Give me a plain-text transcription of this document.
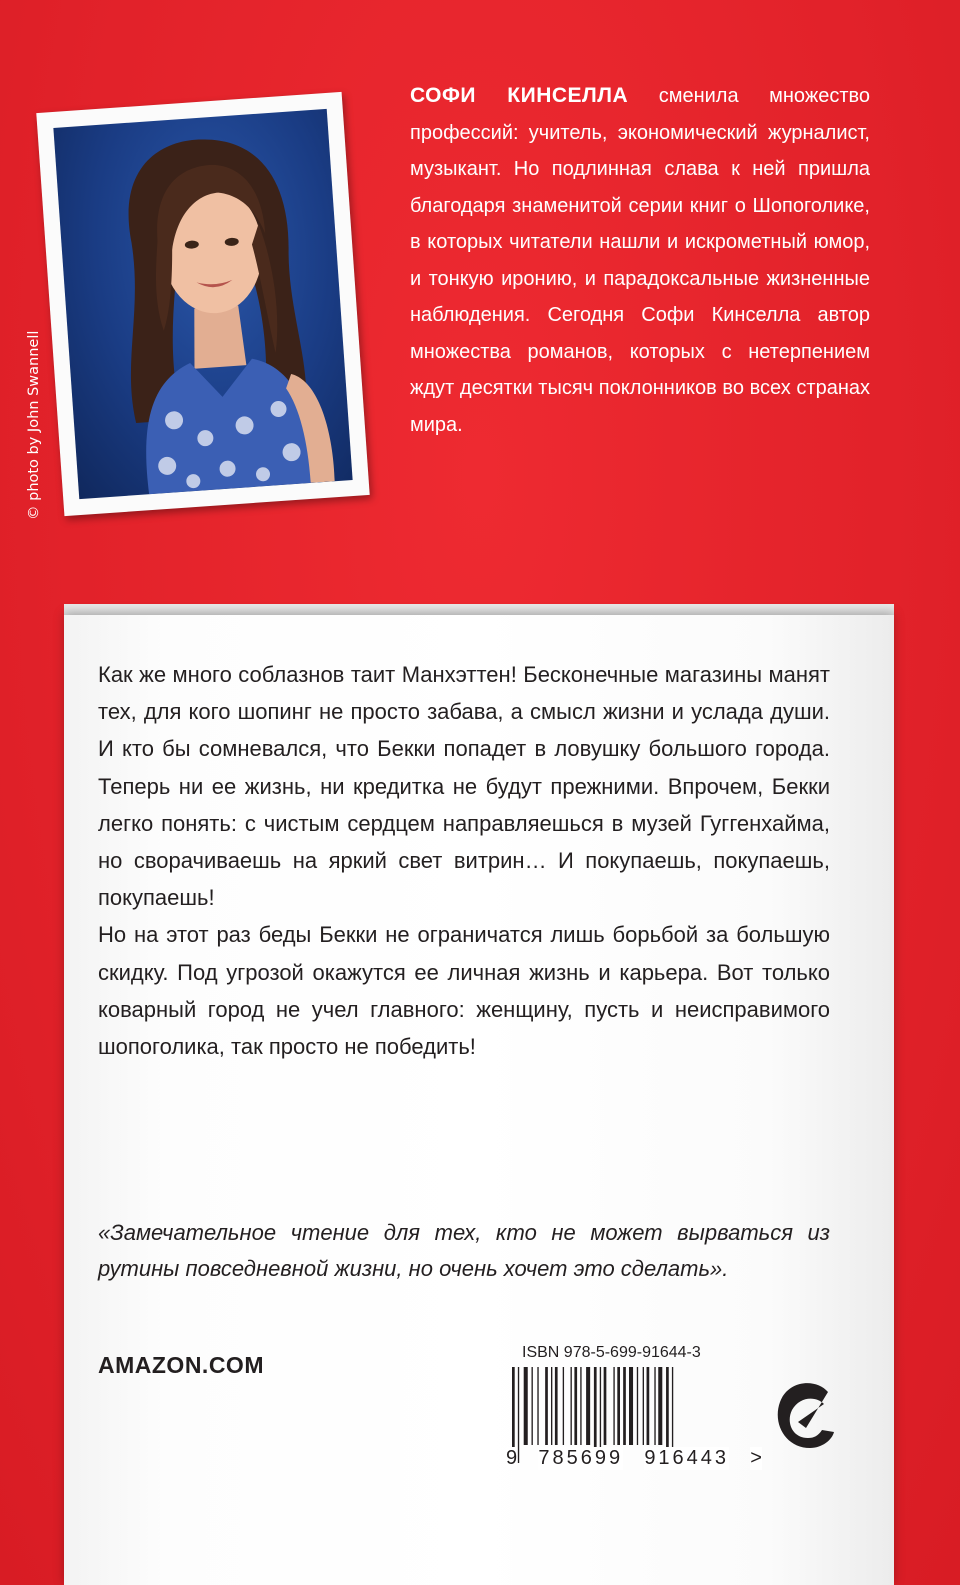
© photo by John Swannell
СОФИ КИНСЕЛЛА сменила множество профессий: учитель, экономический журналист, музыкант. Но подлинная слава к ней пришла благодаря знаменитой серии книг о Шопоголике, в которых читатели нашли и искрометный юмор, и тонкую иронию, и парадоксальные жизненные наблюдения. Сегодня Софи Кинселла автор множества романов, которых с нетерпением ждут десятки тысяч поклонников во всех странах мира.

Как же много соблазнов таит Манхэттен! Бесконечные магазины манят тех, для кого шопинг не просто забава, а смысл жизни и услада души. И кто бы сомневался, что Бекки попадет в ловушку большого города. Теперь ни ее жизнь, ни кредитка не будут прежними. Впрочем, Бекки легко понять: с чистым сердцем направляешься в музей Гуггенхайма, но сворачиваешь на яркий свет витрин… И покупаешь, покупаешь, покупаешь!

Но на этот раз беды Бекки не ограничатся лишь борьбой за большую скидку. Под угрозой окажутся ее личная жизнь и карьера. Вот только коварный город не учел главного: женщину, пусть и неисправимого шопоголика, так просто не победить!

«Замечательное чтение для тех, кто не может вырваться из рутины повседневной жизни, но очень хочет это сделать».
AMAZON.COM	ISBN 978-5-699-91644-3
9 785699 916443 >
